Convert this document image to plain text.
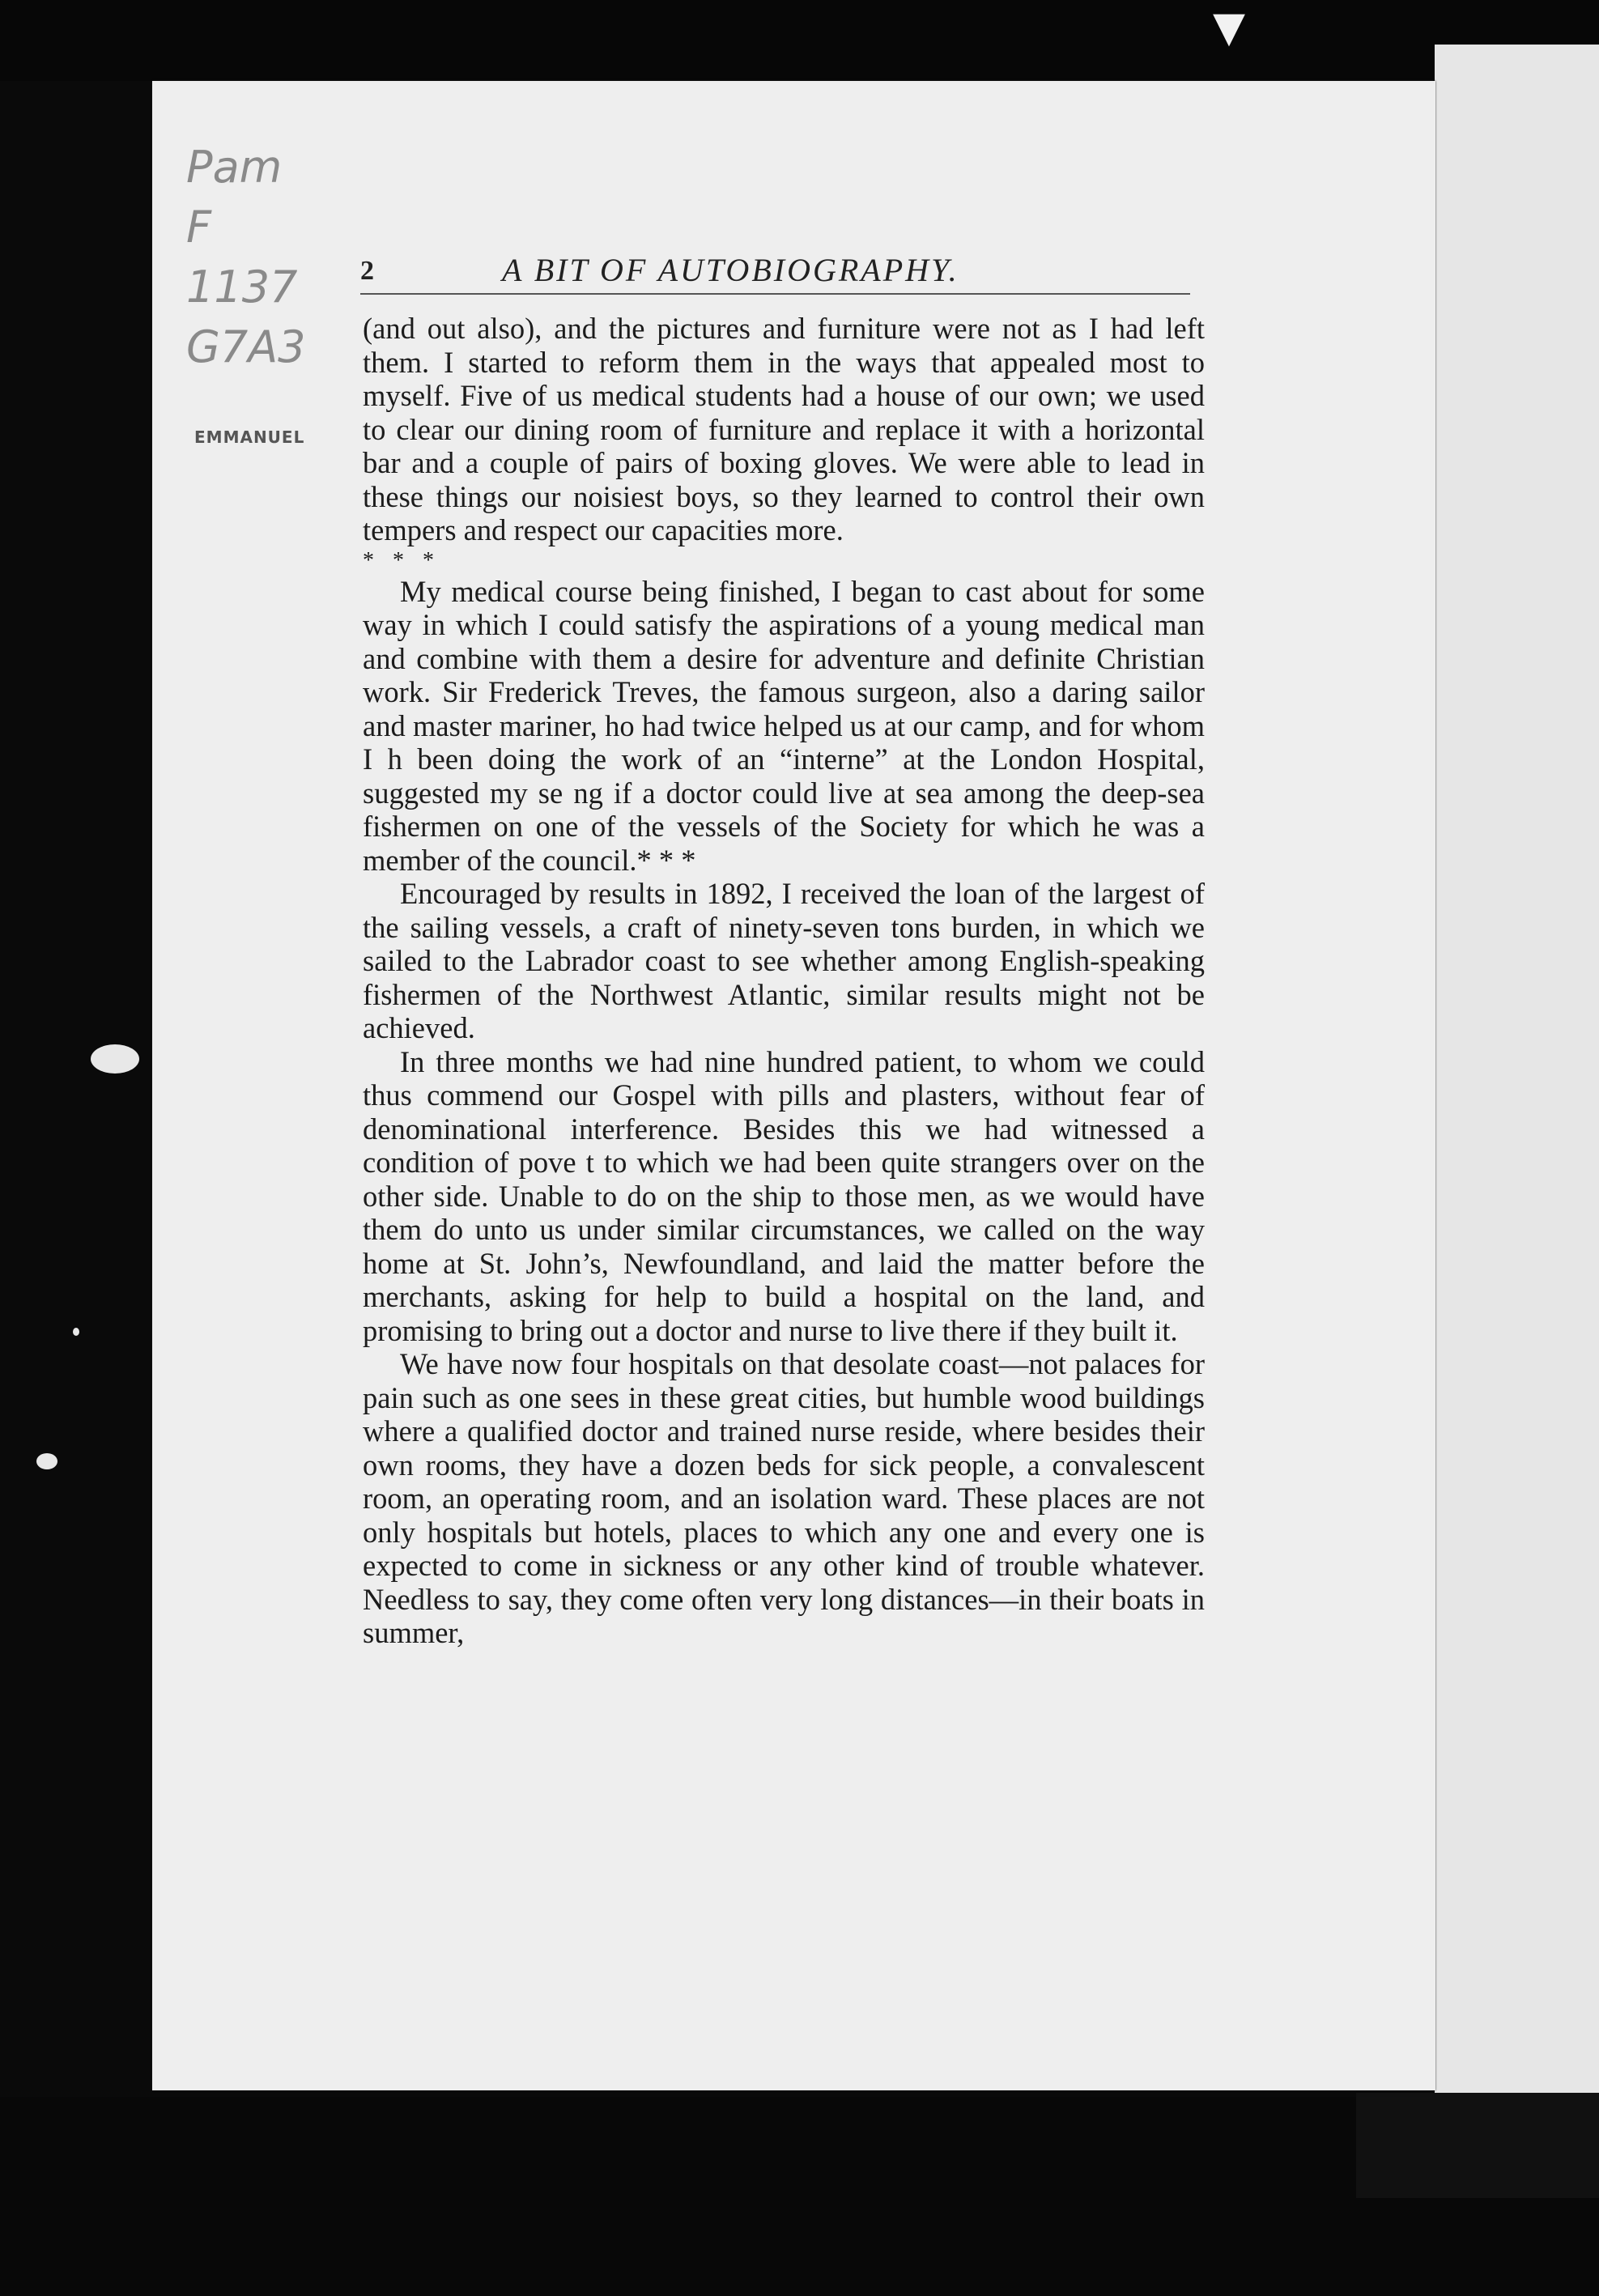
▼
Pam
F
1137
G7A3
EMMANUEL
2	A BIT OF AUTOBIOGRAPHY.

(and out also), and the pictures and furniture were not as I had left them. I started to reform them in the ways that appealed most to myself. Five of us medical students had a house of our own; we used to clear our dining room of furniture and replace it with a horizontal bar and a couple of pairs of boxing gloves. We were able to lead in these things our noisiest boys, so they learned to control their own tempers and respect our capacities more.

* * *

My medical course being finished, I began to cast about for some way in which I could satisfy the aspirations of a young medical man and combine with them a desire for adventure and definite Christian work. Sir Frederick Treves, the famous surgeon, also a daring sailor and master mariner, ho had twice helped us at our camp, and for whom I h been doing the work of an “interne” at the London Hospital, suggested my se ng if a doctor could live at sea among the deep-sea fishermen on one of the vessels of the Society for which he was a member of the council.* * *

Encouraged by results in 1892, I received the loan of the largest of the sailing vessels, a craft of ninety-seven tons burden, in which we sailed to the Labrador coast to see whether among English-speaking fishermen of the Northwest Atlantic, similar results might not be achieved.

In three months we had nine hundred patient, to whom we could thus commend our Gospel with pills and plasters, without fear of denominational interference. Besides this we had witnessed a condition of pove t to which we had been quite strangers over on the other side. Unable to do on the ship to those men, as we would have them do unto us under similar circumstances, we called on the way home at St. John’s, Newfoundland, and laid the matter before the merchants, asking for help to build a hospital on the land, and promising to bring out a doctor and nurse to live there if they built it.

We have now four hospitals on that desolate coast—not palaces for pain such as one sees in these great cities, but humble wood buildings where a qualified doctor and trained nurse reside, where besides their own rooms, they have a dozen beds for sick people, a convalescent room, an operating room, and an isolation ward. These places are not only hospitals but hotels, places to which any one and every one is expected to come in sickness or any other kind of trouble whatever. Needless to say, they come often very long distances—in their boats in summer,
